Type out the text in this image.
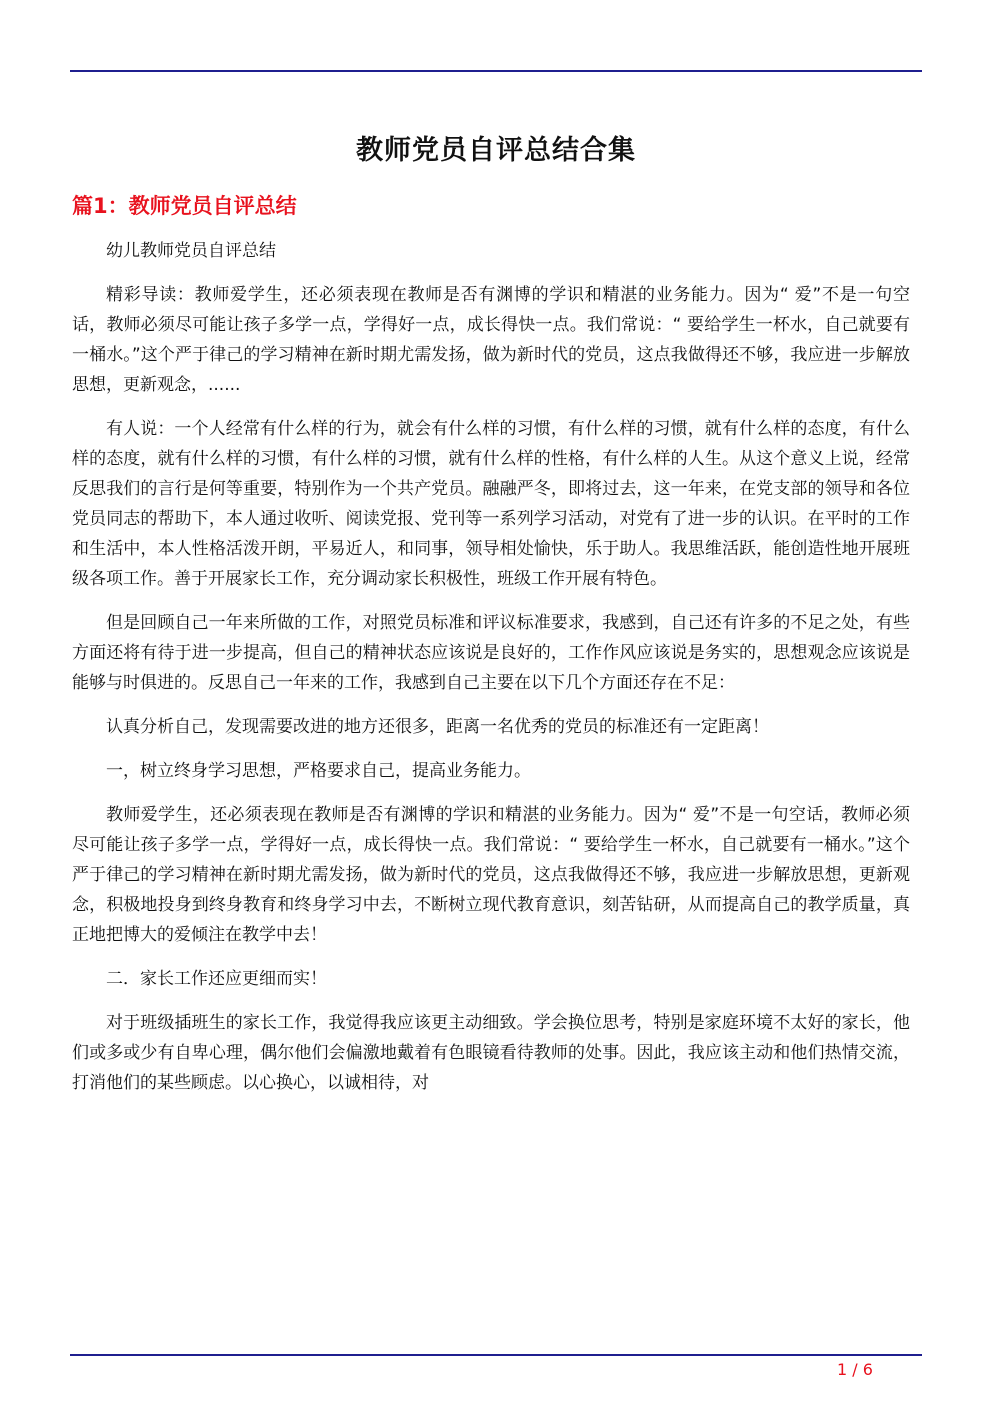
教师党员自评总结合集
篇1：教师党员自评总结

幼儿教师党员自评总结

精彩导读：教师爱学生，还必须表现在教师是否有渊博的学识和精湛的业务能力。因为“ 爱”不是一句空话，教师必须尽可能让孩子多学一点，学得好一点，成长得快一点。我们常说：“ 要给学生一杯水，自己就要有一桶水。”这个严于律己的学习精神在新时期尤需发扬，做为新时代的党员，这点我做得还不够，我应进一步解放思想，更新观念，......

有人说：一个人经常有什么样的行为，就会有什么样的习惯，有什么样的习惯，就有什么样的态度，有什么样的态度，就有什么样的习惯，有什么样的习惯，就有什么样的性格，有什么样的人生。从这个意义上说，经常反思我们的言行是何等重要，特别作为一个共产党员。融融严冬，即将过去，这一年来，在党支部的领导和各位党员同志的帮助下，本人通过收听、阅读党报、党刊等一系列学习活动，对党有了进一步的认识。在平时的工作和生活中，本人性格活泼开朗，平易近人，和同事，领导相处愉快，乐于助人。我思维活跃，能创造性地开展班级各项工作。善于开展家长工作，充分调动家长积极性，班级工作开展有特色。

但是回顾自己一年来所做的工作，对照党员标准和评议标准要求，我感到，自己还有许多的不足之处，有些方面还将有待于进一步提高，但自己的精神状态应该说是良好的，工作作风应该说是务实的，思想观念应该说是能够与时俱进的。反思自己一年来的工作，我感到自己主要在以下几个方面还存在不足：

认真分析自己，发现需要改进的地方还很多，距离一名优秀的党员的标准还有一定距离！

一，树立终身学习思想，严格要求自己，提高业务能力。

教师爱学生，还必须表现在教师是否有渊博的学识和精湛的业务能力。因为“ 爱”不是一句空话，教师必须尽可能让孩子多学一点，学得好一点，成长得快一点。我们常说：“ 要给学生一杯水，自己就要有一桶水。”这个严于律己的学习精神在新时期尤需发扬，做为新时代的党员，这点我做得还不够，我应进一步解放思想，更新观念，积极地投身到终身教育和终身学习中去，不断树立现代教育意识，刻苦钻研，从而提高自己的教学质量，真正地把博大的爱倾注在教学中去！

二．家长工作还应更细而实！

对于班级插班生的家长工作，我觉得我应该更主动细致。学会换位思考，特别是家庭环境不太好的家长，他们或多或少有自卑心理，偶尔他们会偏激地戴着有色眼镜看待教师的处事。因此，我应该主动和他们热情交流，打消他们的某些顾虑。以心换心，以诚相待，对

1 / 6
